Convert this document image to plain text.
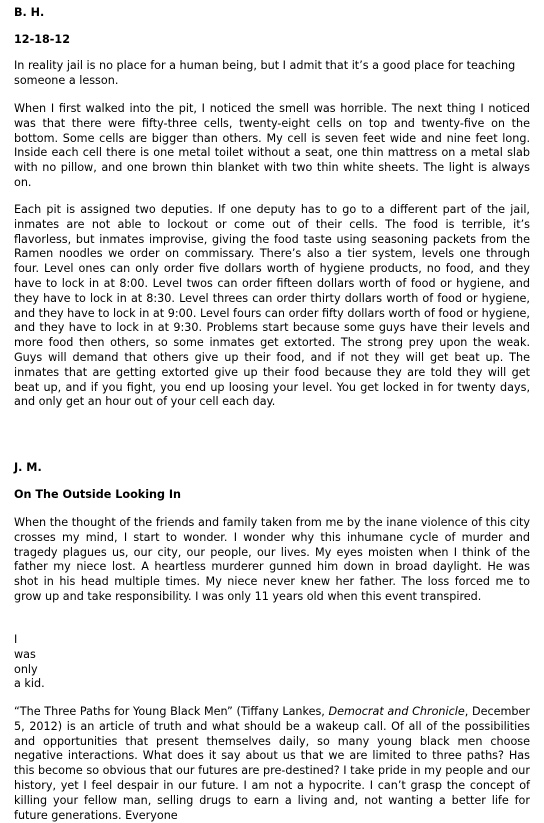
B. H.

12-18-12

In reality jail is no place for a human being, but I admit that it’s a good place for teaching someone a lesson.

When I first walked into the pit, I noticed the smell was horrible. The next thing I noticed was that there were fifty-three cells, twenty-eight cells on top and twenty-five on the bottom. Some cells are bigger than others. My cell is seven feet wide and nine feet long. Inside each cell there is one metal toilet without a seat, one thin mattress on a metal slab with no pillow, and one brown thin blanket with two thin white sheets. The light is always on.

Each pit is assigned two deputies. If one deputy has to go to a different part of the jail, inmates are not able to lockout or come out of their cells. The food is terrible, it’s flavorless, but inmates improvise, giving the food taste using seasoning packets from the Ramen noodles we order on commissary. There’s also a tier system, levels one through four. Level ones can only order five dollars worth of hygiene products, no food, and they have to lock in at 8:00. Level twos can order fifteen dollars worth of food or hygiene, and they have to lock in at 8:30. Level threes can order thirty dollars worth of food or hygiene, and they have to lock in at 9:00. Level fours can order fifty dollars worth of food or hygiene, and they have to lock in at 9:30. Problems start because some guys have their levels and more food then others, so some inmates get extorted. The strong prey upon the weak. Guys will demand that others give up their food, and if not they will get beat up. The inmates that are getting extorted give up their food because they are told they will get beat up, and if you fight, you end up loosing your level. You get locked in for twenty days, and only get an hour out of your cell each day.

J. M.

On The Outside Looking In

When the thought of the friends and family taken from me by the inane violence of this city crosses my mind, I start to wonder. I wonder why this inhumane cycle of murder and tragedy plagues us, our city, our people, our lives. My eyes moisten when I think of the father my niece lost. A heartless murderer gunned him down in broad daylight. He was shot in his head multiple times. My niece never knew her father. The loss forced me to grow up and take responsibility. I was only 11 years old when this event transpired.

I
was
only
a kid.

“The Three Paths for Young Black Men” (Tiffany Lankes, Democrat and Chronicle, December 5, 2012) is an article of truth and what should be a wakeup call. Of all of the possibilities and opportunities that present themselves daily, so many young black men choose negative interactions. What does it say about us that we are limited to three paths? Has this become so obvious that our futures are pre-destined? I take pride in my people and our history, yet I feel despair in our future. I am not a hypocrite. I can’t grasp the concept of killing your fellow man, selling drugs to earn a living and, not wanting a better life for future generations. Everyone
